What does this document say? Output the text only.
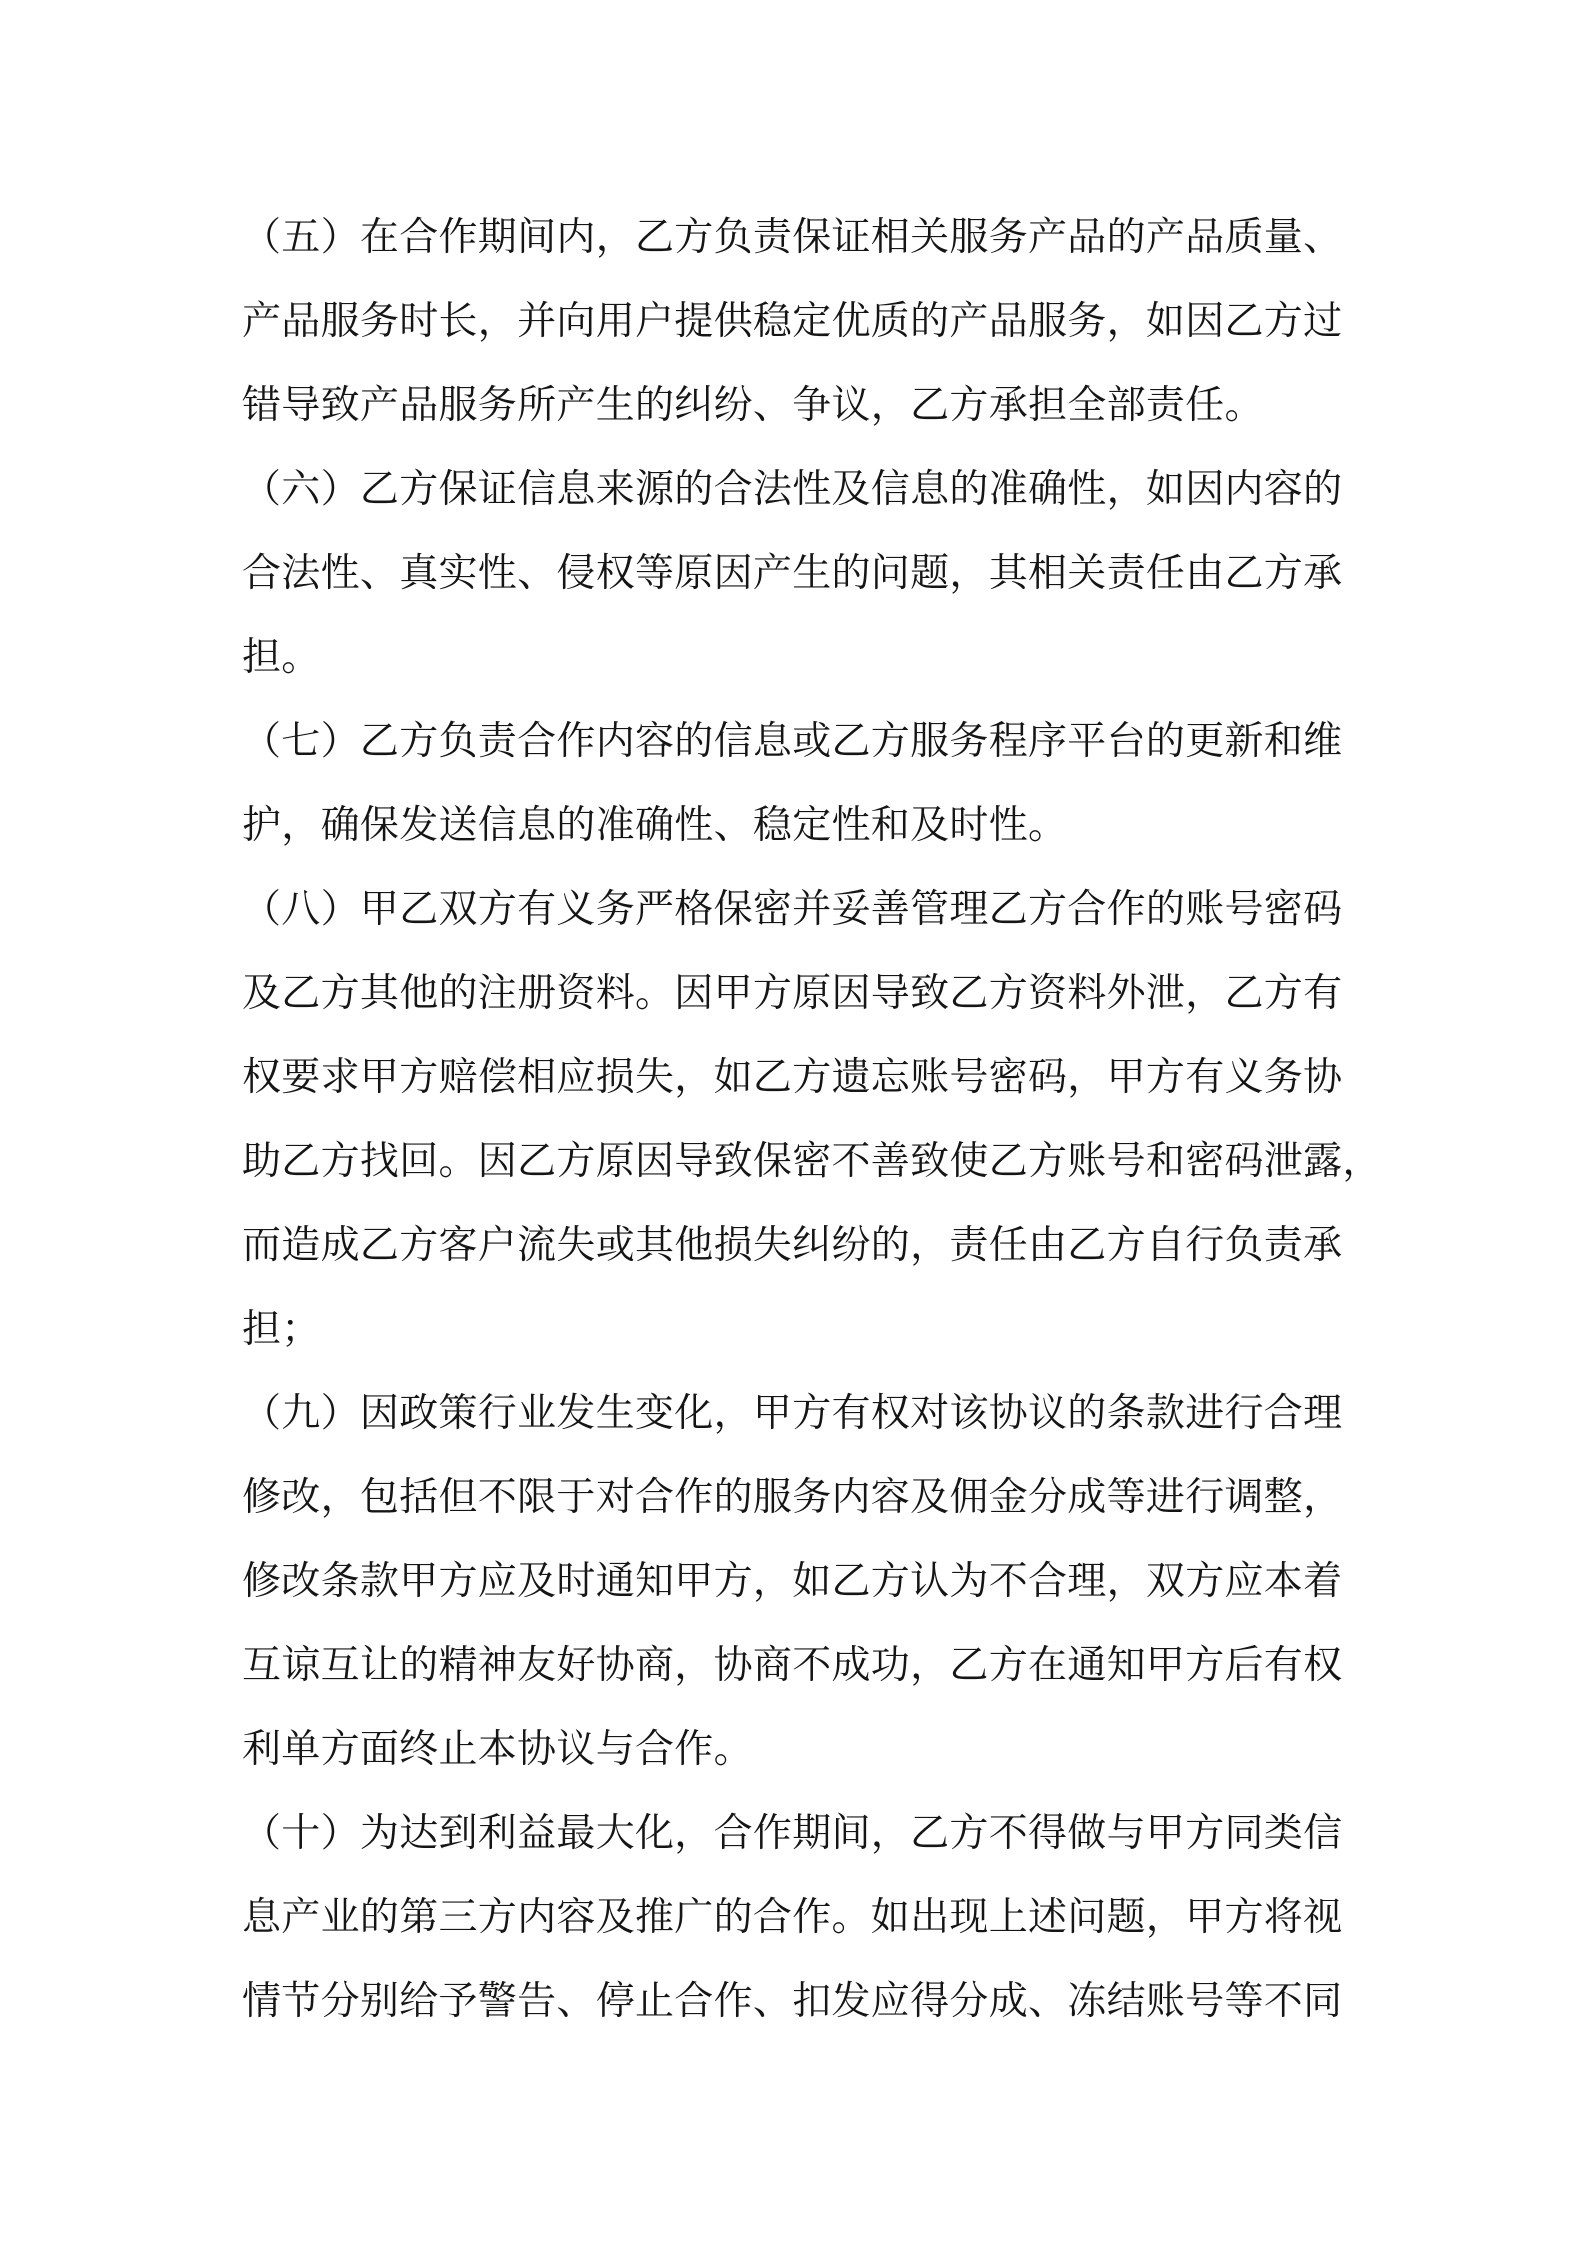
（五）在合作期间内，乙方负责保证相关服务产品的产品质量、
产品服务时长，并向用户提供稳定优质的产品服务，如因乙方过
错导致产品服务所产生的纠纷、争议，乙方承担全部责任。
（六）乙方保证信息来源的合法性及信息的准确性，如因内容的
合法性、真实性、侵权等原因产生的问题，其相关责任由乙方承
担。
（七）乙方负责合作内容的信息或乙方服务程序平台的更新和维
护，确保发送信息的准确性、稳定性和及时性。
（八）甲乙双方有义务严格保密并妥善管理乙方合作的账号密码
及乙方其他的注册资料。因甲方原因导致乙方资料外泄，乙方有
权要求甲方赔偿相应损失，如乙方遗忘账号密码，甲方有义务协
助乙方找回。因乙方原因导致保密不善致使乙方账号和密码泄露，
而造成乙方客户流失或其他损失纠纷的，责任由乙方自行负责承
担；
（九）因政策行业发生变化，甲方有权对该协议的条款进行合理
修改，包括但不限于对合作的服务内容及佣金分成等进行调整，
修改条款甲方应及时通知甲方，如乙方认为不合理，双方应本着
互谅互让的精神友好协商，协商不成功，乙方在通知甲方后有权
利单方面终止本协议与合作。
（十）为达到利益最大化，合作期间，乙方不得做与甲方同类信
息产业的第三方内容及推广的合作。如出现上述问题，甲方将视
情节分别给予警告、停止合作、扣发应得分成、冻结账号等不同
